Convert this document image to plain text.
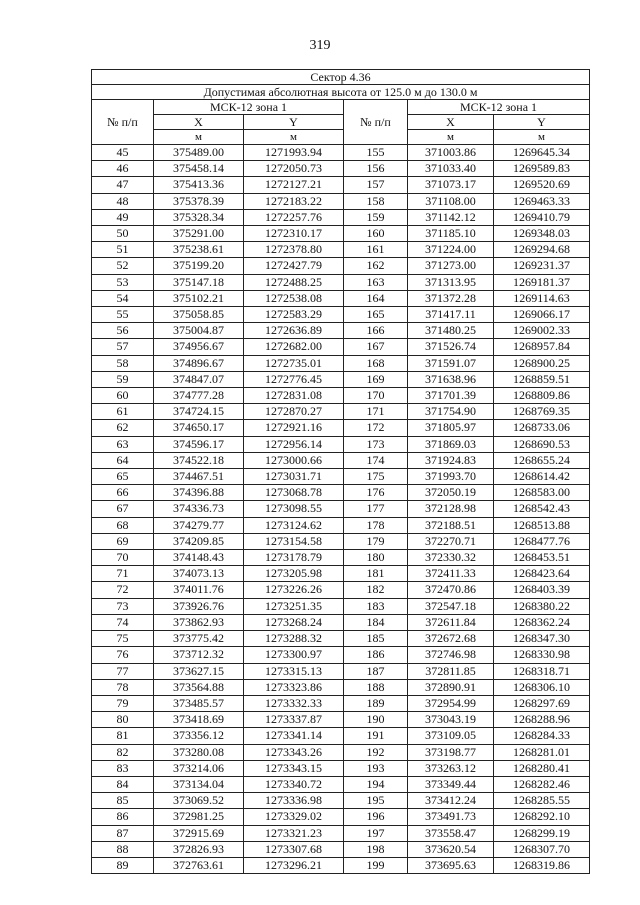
319
Сектор 4.36					
Допустимая абсолютная высота от 125.0 м до 130.0 м					
№ п/п	МСК-12 зона 1		№ п/п	МСК-12 зона 1	
	X	Y		X	Y
	м	м		м	м
45	375489.00	1271993.94	155	371003.86	1269645.34
46	375458.14	1272050.73	156	371033.40	1269589.83
47	375413.36	1272127.21	157	371073.17	1269520.69
48	375378.39	1272183.22	158	371108.00	1269463.33
49	375328.34	1272257.76	159	371142.12	1269410.79
50	375291.00	1272310.17	160	371185.10	1269348.03
51	375238.61	1272378.80	161	371224.00	1269294.68
52	375199.20	1272427.79	162	371273.00	1269231.37
53	375147.18	1272488.25	163	371313.95	1269181.37
54	375102.21	1272538.08	164	371372.28	1269114.63
55	375058.85	1272583.29	165	371417.11	1269066.17
56	375004.87	1272636.89	166	371480.25	1269002.33
57	374956.67	1272682.00	167	371526.74	1268957.84
58	374896.67	1272735.01	168	371591.07	1268900.25
59	374847.07	1272776.45	169	371638.96	1268859.51
60	374777.28	1272831.08	170	371701.39	1268809.86
61	374724.15	1272870.27	171	371754.90	1268769.35
62	374650.17	1272921.16	172	371805.97	1268733.06
63	374596.17	1272956.14	173	371869.03	1268690.53
64	374522.18	1273000.66	174	371924.83	1268655.24
65	374467.51	1273031.71	175	371993.70	1268614.42
66	374396.88	1273068.78	176	372050.19	1268583.00
67	374336.73	1273098.55	177	372128.98	1268542.43
68	374279.77	1273124.62	178	372188.51	1268513.88
69	374209.85	1273154.58	179	372270.71	1268477.76
70	374148.43	1273178.79	180	372330.32	1268453.51
71	374073.13	1273205.98	181	372411.33	1268423.64
72	374011.76	1273226.26	182	372470.86	1268403.39
73	373926.76	1273251.35	183	372547.18	1268380.22
74	373862.93	1273268.24	184	372611.84	1268362.24
75	373775.42	1273288.32	185	372672.68	1268347.30
76	373712.32	1273300.97	186	372746.98	1268330.98
77	373627.15	1273315.13	187	372811.85	1268318.71
78	373564.88	1273323.86	188	372890.91	1268306.10
79	373485.57	1273332.33	189	372954.99	1268297.69
80	373418.69	1273337.87	190	373043.19	1268288.96
81	373356.12	1273341.14	191	373109.05	1268284.33
82	373280.08	1273343.26	192	373198.77	1268281.01
83	373214.06	1273343.15	193	373263.12	1268280.41
84	373134.04	1273340.72	194	373349.44	1268282.46
85	373069.52	1273336.98	195	373412.24	1268285.55
86	372981.25	1273329.02	196	373491.73	1268292.10
87	372915.69	1273321.23	197	373558.47	1268299.19
88	372826.93	1273307.68	198	373620.54	1268307.70
89	372763.61	1273296.21	199	373695.63	1268319.86
